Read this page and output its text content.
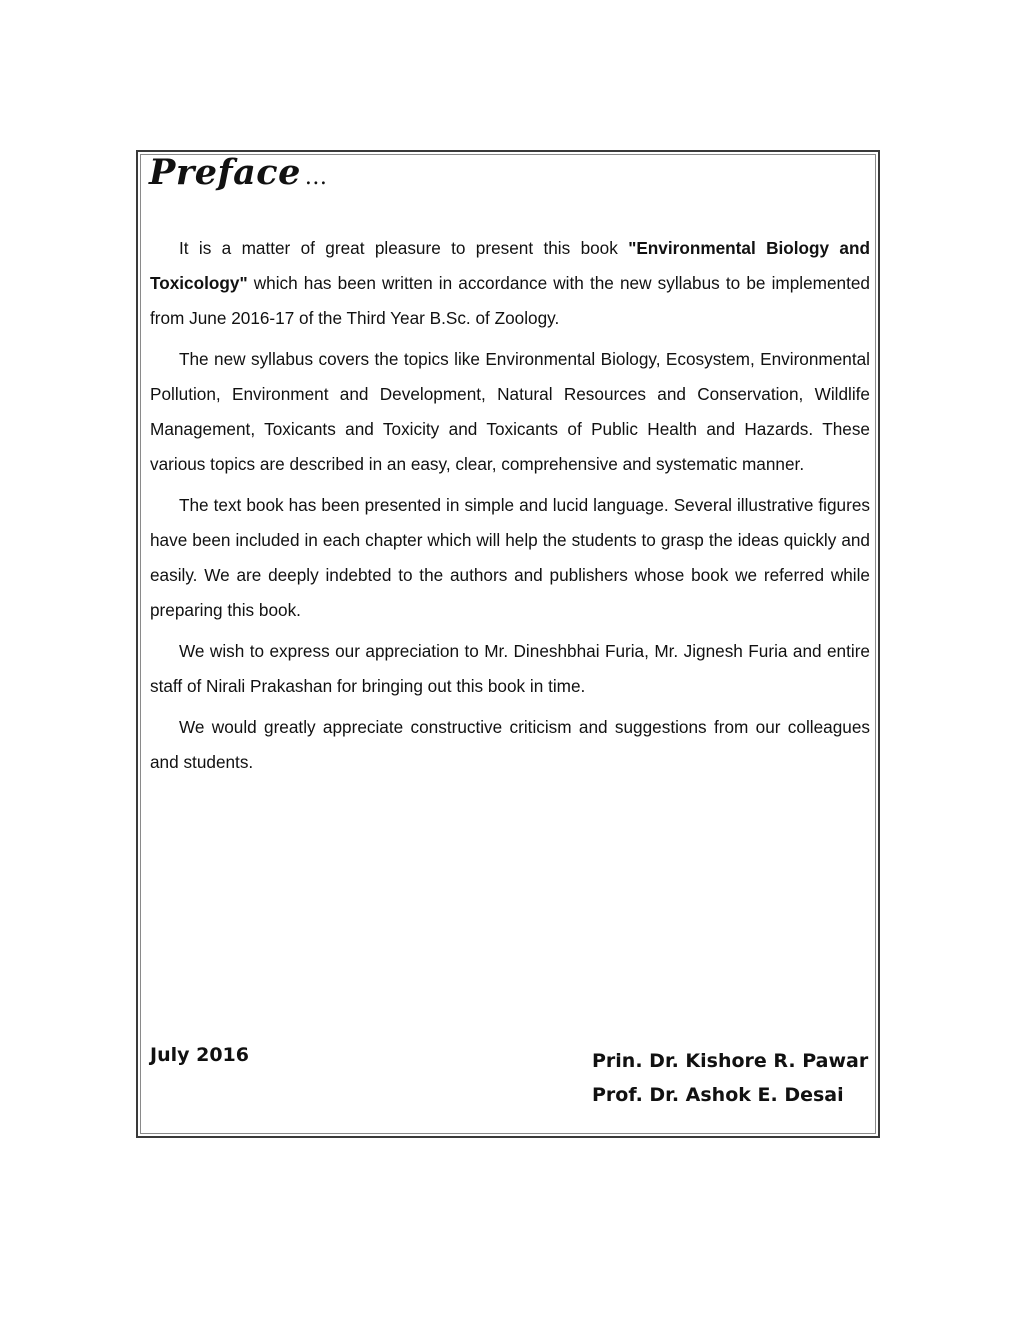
Preface ...

It is a matter of great pleasure to present this book "Environmental Biology and Toxicology" which has been written in accordance with the new syllabus to be implemented from June 2016-17 of the Third Year B.Sc. of Zoology.

The new syllabus covers the topics like Environmental Biology, Ecosystem, Environmental Pollution, Environment and Development, Natural Resources and Conservation, Wildlife Management, Toxicants and Toxicity and Toxicants of Public Health and Hazards. These various topics are described in an easy, clear, comprehensive and systematic manner.

The text book has been presented in simple and lucid language. Several illustrative figures have been included in each chapter which will help the students to grasp the ideas quickly and easily. We are deeply indebted to the authors and publishers whose book we referred while preparing this book.

We wish to express our appreciation to Mr. Dineshbhai Furia, Mr. Jignesh Furia and entire staff of Nirali Prakashan for bringing out this book in time.

We would greatly appreciate constructive criticism and suggestions from our colleagues and students.

July 2016	Prin. Dr. Kishore R. Pawar
Prof. Dr. Ashok E. Desai
